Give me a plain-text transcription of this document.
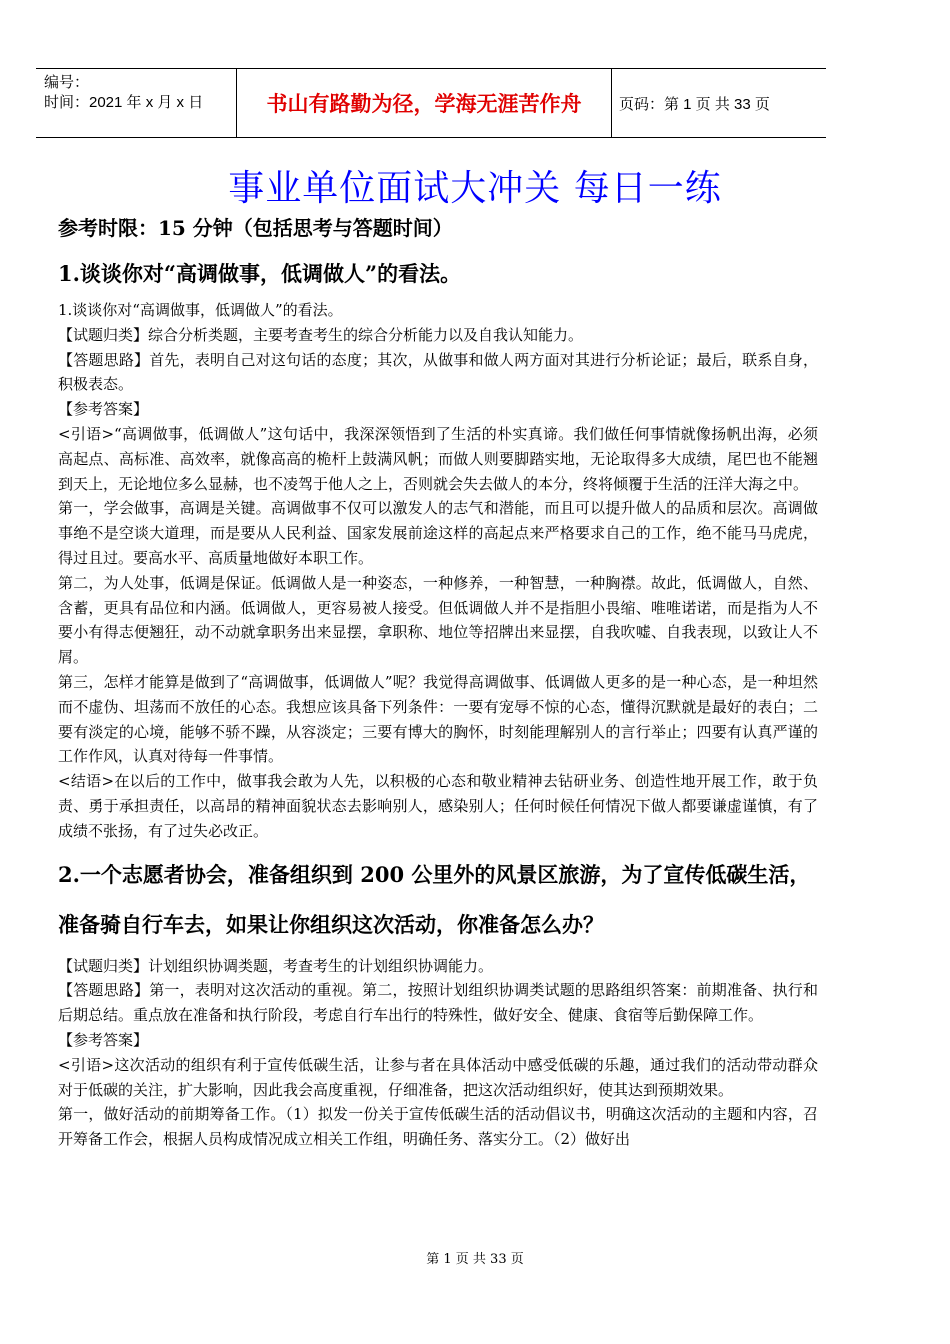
编号：
时间：2021 年 x 月 x 日	书山有路勤为径，学海无涯苦作舟	页码：第 1 页 共 33 页
事业单位面试大冲关 每日一练
参考时限：15 分钟（包括思考与答题时间）
1.谈谈你对“高调做事，低调做人”的看法。

1.谈谈你对“高调做事，低调做人”的看法。

【试题归类】综合分析类题，主要考查考生的综合分析能力以及自我认知能力。

【答题思路】首先，表明自己对这句话的态度；其次，从做事和做人两方面对其进行分析论证；最后，联系自身，积极表态。

【参考答案】

<引语>“高调做事，低调做人”这句话中，我深深领悟到了生活的朴实真谛。我们做任何事情就像扬帆出海，必须高起点、高标准、高效率，就像高高的桅杆上鼓满风帆；而做人则要脚踏实地，无论取得多大成绩，尾巴也不能翘到天上，无论地位多么显赫，也不凌驾于他人之上，否则就会失去做人的本分，终将倾覆于生活的汪洋大海之中。

第一，学会做事，高调是关键。高调做事不仅可以激发人的志气和潜能，而且可以提升做人的品质和层次。高调做事绝不是空谈大道理，而是要从人民利益、国家发展前途这样的高起点来严格要求自己的工作，绝不能马马虎虎，得过且过。要高水平、高质量地做好本职工作。

第二，为人处事，低调是保证。低调做人是一种姿态，一种修养，一种智慧，一种胸襟。故此，低调做人，自然、含蓄，更具有品位和内涵。低调做人，更容易被人接受。但低调做人并不是指胆小畏缩、唯唯诺诺，而是指为人不要小有得志便翘狂，动不动就拿职务出来显摆，拿职称、地位等招牌出来显摆，自我吹嘘、自我表现，以致让人不屑。

第三，怎样才能算是做到了“高调做事，低调做人”呢？我觉得高调做事、低调做人更多的是一种心态，是一种坦然而不虚伪、坦荡而不放任的心态。我想应该具备下列条件：一要有宠辱不惊的心态，懂得沉默就是最好的表白；二要有淡定的心境，能够不骄不躁，从容淡定；三要有博大的胸怀，时刻能理解别人的言行举止；四要有认真严谨的工作作风，认真对待每一件事情。

<结语>在以后的工作中，做事我会敢为人先，以积极的心态和敬业精神去钻研业务、创造性地开展工作，敢于负责、勇于承担责任，以高昂的精神面貌状态去影响别人，感染别人；任何时候任何情况下做人都要谦虚谨慎，有了成绩不张扬，有了过失必改正。

2.一个志愿者协会，准备组织到 200 公里外的风景区旅游，为了宣传低碳生活，准备骑自行车去，如果让你组织这次活动，你准备怎么办？

【试题归类】计划组织协调类题，考查考生的计划组织协调能力。

【答题思路】第一，表明对这次活动的重视。第二，按照计划组织协调类试题的思路组织答案：前期准备、执行和后期总结。重点放在准备和执行阶段，考虑自行车出行的特殊性，做好安全、健康、食宿等后勤保障工作。

【参考答案】

<引语>这次活动的组织有利于宣传低碳生活，让参与者在具体活动中感受低碳的乐趣，通过我们的活动带动群众对于低碳的关注，扩大影响，因此我会高度重视，仔细准备，把这次活动组织好，使其达到预期效果。

第一，做好活动的前期筹备工作。（1）拟发一份关于宣传低碳生活的活动倡议书，明确这次活动的主题和内容，召开筹备工作会，根据人员构成情况成立相关工作组，明确任务、落实分工。（2）做好出

第 1 页 共 33 页
